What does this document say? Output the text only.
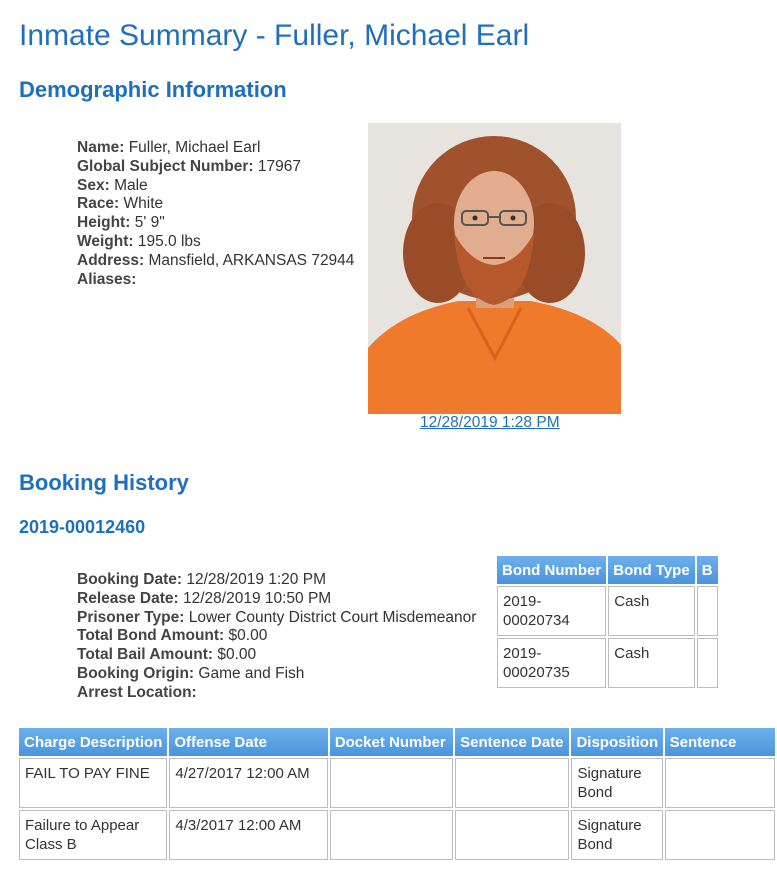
Inmate Summary - Fuller, Michael Earl
Demographic Information
Name: Fuller, Michael Earl
Global Subject Number: 17967
Sex: Male
Race: White
Height: 5' 9"
Weight: 195.0 lbs
Address: Mansfield, ARKANSAS 72944
Aliases:
12/28/2019 1:28 PM
Booking History
2019-00012460
Booking Date: 12/28/2019 1:20 PM
Release Date: 12/28/2019 10:50 PM
Prisoner Type: Lower County District Court Misdemeanor
Total Bond Amount: $0.00
Total Bail Amount: $0.00
Booking Origin: Game and Fish
Arrest Location:
Bond Number	Bond Type	B
2019-00020734	Cash	
2019-00020735	Cash	
Charge Description	Offense Date	Docket Number	Sentence Date	Disposition	Sentence
FAIL TO PAY FINE	4/27/2017 12:00 AM			Signature Bond	
Failure to Appear Class B	4/3/2017 12:00 AM			Signature Bond	
